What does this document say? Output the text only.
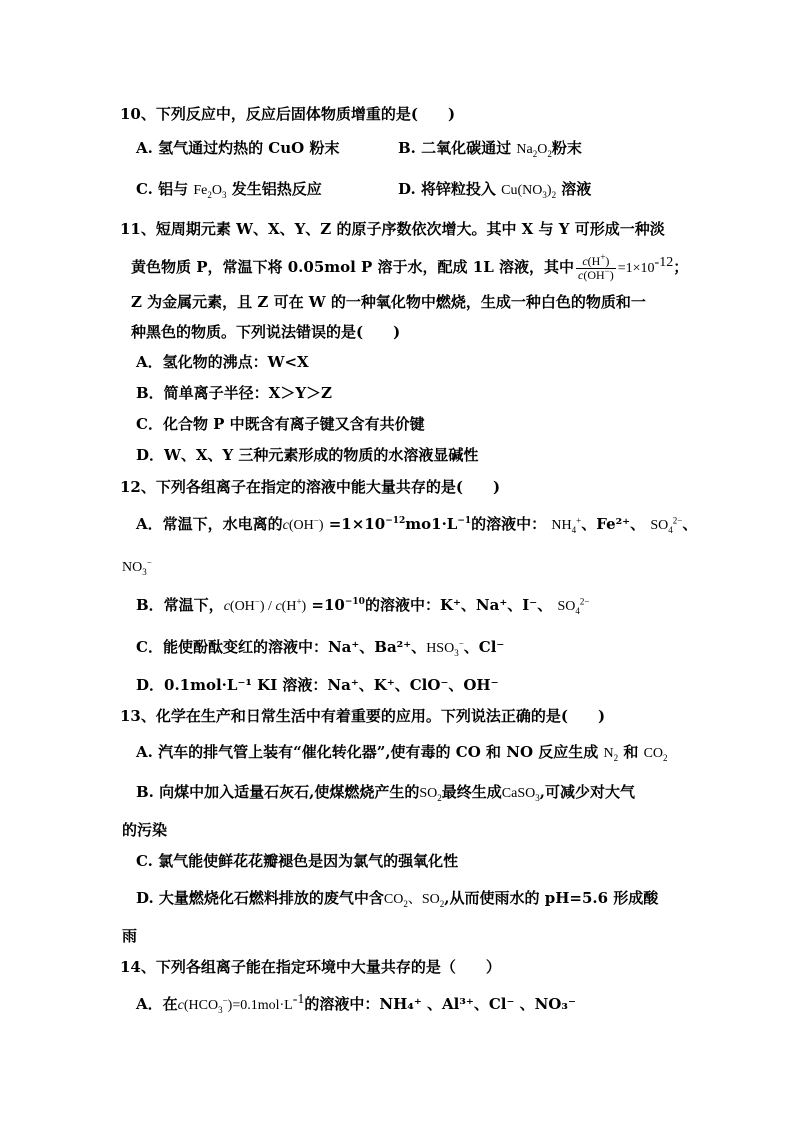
10、下列反应中，反应后固体物质增重的是(　　)
A. 氢气通过灼热的 CuO 粉末	B. 二氧化碳通过 $Na_2O_2$粉末
C. 铝与 $Fe_2O_3$ 发生铝热反应	D. 将锌粒投入 $Cu(NO_3)_2$ 溶液
11、短周期元素 W、X、Y、Z 的原子序数依次增大。其中 X 与 Y 可形成一种淡
黄色物质 P，常温下将 0.05mol P 溶于水，配成 1L 溶液，其中 $\frac{c(H^+)}{c(OH^-)} =1\times 10^{-12}$；
Z 为金属元素，且 Z 可在 W 的一种氧化物中燃烧，生成一种白色的物质和一
种黑色的物质。下列说法错误的是(　　)
A．氢化物的沸点：W<X
B．简单离子半径：X＞Y＞Z
C．化合物 P 中既含有离子键又含有共价键
D．W、X、Y 三种元素形成的物质的水溶液显碱性
12、下列各组离子在指定的溶液中能大量共存的是(　　)
A．常温下，水电离的$c(OH^-) =1\times 10^{-12}mo1\cdot L^{-1}$的溶液中： $NH_4^+$、Fe²⁺、 $SO_4^{2-}$、
$NO_3^-$
B．常温下，$c(OH^-) / c(H^+) =10^{-10}$的溶液中：K⁺、Na⁺、I⁻、 $SO_4^{2-}$
C．能使酚酞变红的溶液中：Na⁺、Ba²⁺、$HSO_3^-$、Cl⁻
D．0.1mol·L⁻¹ KI 溶液：Na⁺、K⁺、ClO⁻、OH⁻
13、化学在生产和日常生活中有着重要的应用。下列说法正确的是(　　)
A. 汽车的排气管上装有“催化转化器”,使有毒的 CO 和 NO 反应生成 $N_2$ 和 $CO_2$
B. 向煤中加入适量石灰石,使煤燃烧产生的$SO_2$最终生成CaSO$_3$,可减少对大气
的污染
C. 氯气能使鲜花花瓣褪色是因为氯气的强氧化性
D. 大量燃烧化石燃料排放的废气中含$CO_2$、$SO_2$,从而使雨水的 pH=5.6 形成酸
雨
14、下列各组离子能在指定环境中大量共存的是（　　）
A．在$c(HCO_3^-)=0.1mol\cdot L^{-1}$的溶液中：NH₄⁺ 、Al³⁺、Cl⁻ 、NO₃⁻
